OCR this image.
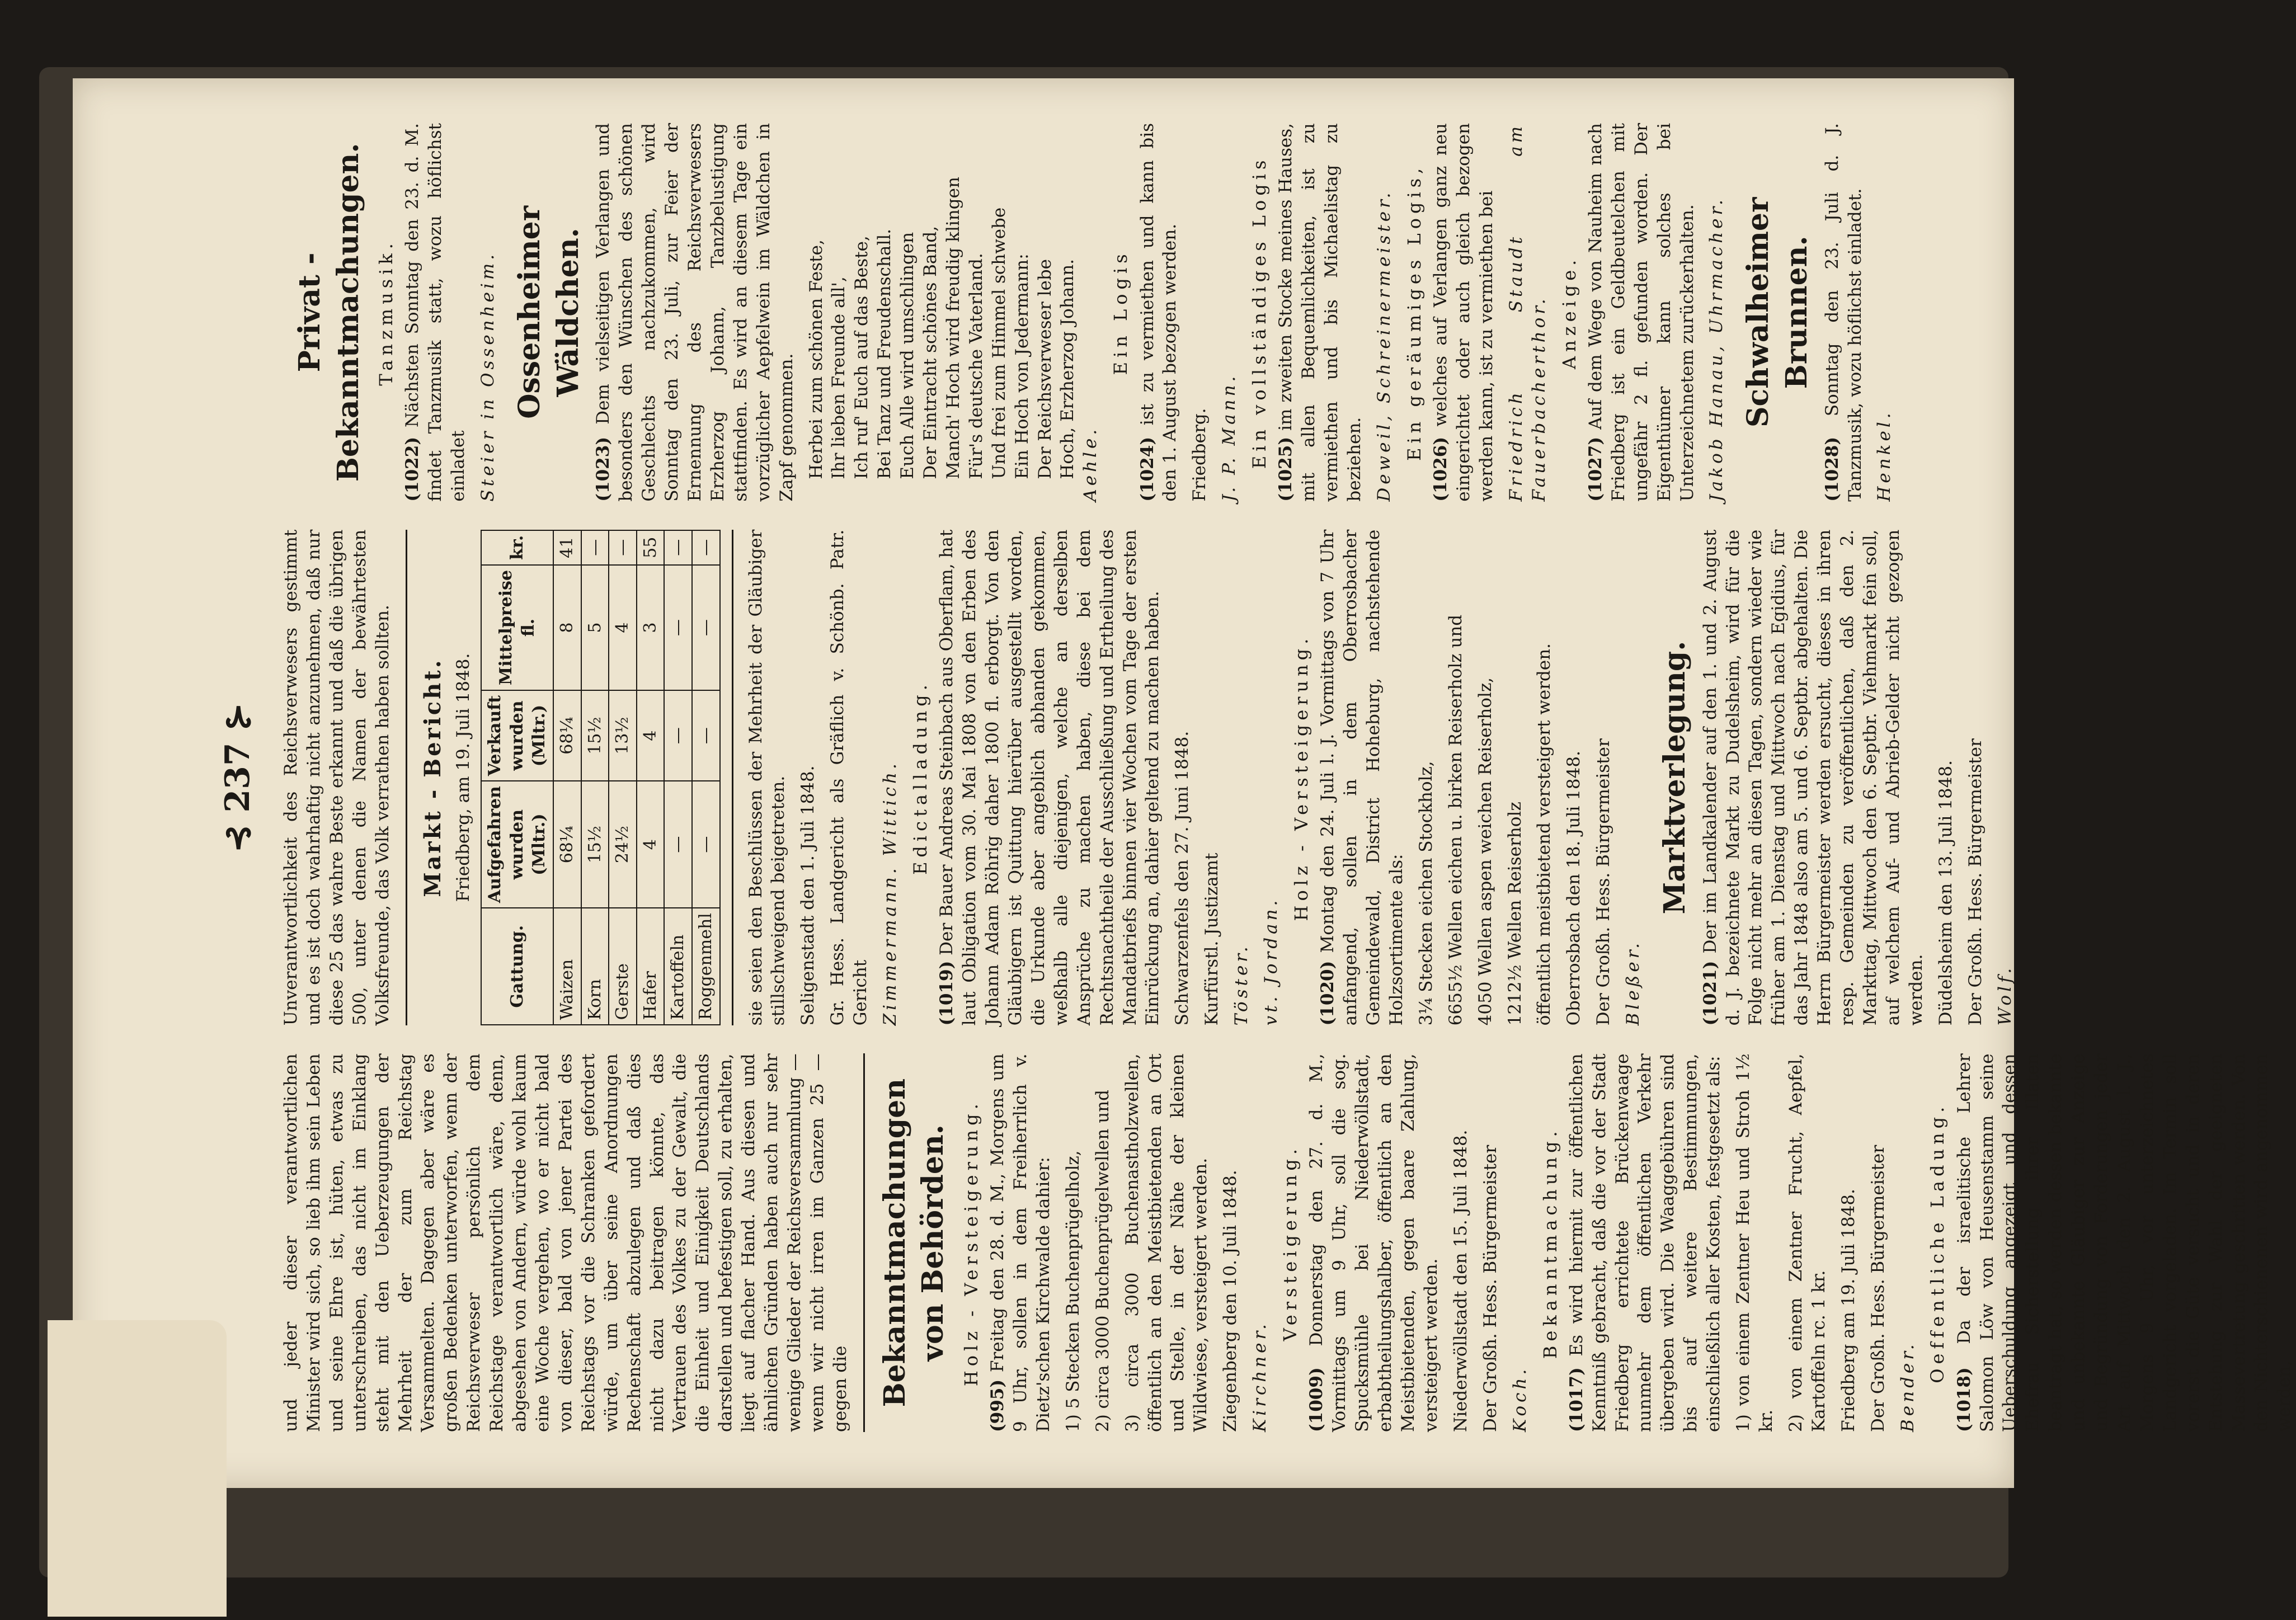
⊰ 237 ⊱

und jeder dieser verantwortlichen Minister wird sich, so lieb ihm sein Leben und seine Ehre ist, hüten, etwas zu unterschreiben, das nicht im Einklang steht mit den Ueberzeugungen der Mehrheit der zum Reichstag Versammelten. Dagegen aber wäre es großen Bedenken unterworfen, wenn der Reichsverweser persönlich dem Reichstage verantwortlich wäre, denn, abgesehen von Andern, würde wohl kaum eine Woche vergehen, wo er nicht bald von dieser, bald von jener Partei des Reichstags vor die Schranken gefordert würde, um über seine Anordnungen Rechenschaft abzulegen und daß dies nicht dazu beitragen könnte, das Vertrauen des Volkes zu der Gewalt, die die Einheit und Einigkeit Deutschlands darstellen und befestigen soll, zu erhalten, liegt auf flacher Hand. Aus diesen und ähnlichen Gründen haben auch nur sehr wenige Glieder der Reichsversammlung — wenn wir nicht irren im Ganzen 25 — gegen die Bekanntmachungen von Behörden. Holz - Versteigerung.

(995) Freitag den 28. d. M., Morgens um 9 Uhr, sollen in dem Freiherrlich v. Dietz'schen Kirchwalde dahier: 1) 5 Stecken Buchenprügelholz, 2) circa 3000 Buchenprügelwellen und 3) circa 3000 Buchenastholzwellen, öffentlich an den Meistbietenden an Ort und Stelle, in der Nähe der kleinen Wildwiese, versteigert werden. Ziegenberg den 10. Juli 1848. Kirchner.

Versteigerung.

(1009) Donnerstag den 27. d. M., Vormittags um 9 Uhr, soll die sog. Spucksmühle bei Niederwöllstadt, erbabtheilungshalber, öffentlich an den Meistbietenden, gegen baare Zahlung, versteigert werden. Niederwöllstadt den 15. Juli 1848. Der Großh. Hess. Bürgermeister Koch.

Bekanntmachung.

(1017) Es wird hiermit zur öffentlichen Kenntniß gebracht, daß die vor der Stadt Friedberg errichtete Brückenwaage nunmehr dem öffentlichen Verkehr übergeben wird. Die Waaggebühren sind bis auf weitere Bestimmungen, einschließlich aller Kosten, festgesetzt als: 1) von einem Zentner Heu und Stroh 1½ kr. 2) von einem Zentner Frucht, Aepfel, Kartoffeln rc. 1 kr. Friedberg am 19. Juli 1848. Der Großh. Hess. Bürgermeister Bender.

Oeffentliche Ladung.

(1018) Da der israelitische Lehrer Salomon Löw von Heusenstamm seine Ueberschuldung angezeigt und dessen Ehefrau Sicherstellung ihrer Illaten beantragt hat, so werden dessen bekannte und unbekannte Gläubiger zur Anzeige und Begründung von Forderungen jeder Art auf Mittwoch den 2. August l. J., Morgens 9 Uhr, vor unterzeichnetes Landgericht vorgeladen. Im Termin soll vorerst die Güte versucht und in deren Entstehung zur Wahl der geeigneten Massevertretung geschritten werden. Von den Nichterschienenen wird angenommen werden,

Unverantwortlichkeit des Reichsverwesers gestimmt und es ist doch wahrhaftig nicht anzunehmen, daß nur diese 25 das wahre Beste erkannt und daß die übrigen 500, unter denen die Namen der bewährtesten Volksfreunde, das Volk verrathen haben sollten. Markt - Bericht. Friedberg, am 19. Juli 1848.
Gattung.	Aufgefahren wurden (Mltr.)	Verkauft wurden (Mltr.)	Mittelpreise fl.	kr.
Waizen	68¼	68¼	8	41
Korn	15½	15½	5	—
Gerste	24½	13½	4	—
Hafer	4	4	3	55
Kartoffeln	—	—	—	—
Roggenmehl	—	—	—	— sie seien den Beschlüssen der Mehrheit der Gläubiger stillschweigend beigetreten. Seligenstadt den 1. Juli 1848. Gr. Hess. Landgericht als Gräflich v. Schönb. Patr. Gericht Zimmermann. Wittich. Edictalladung.

(1019) Der Bauer Andreas Steinbach aus Oberflam, hat laut Obligation vom 30. Mai 1808 von den Erben des Johann Adam Röhrig daher 1800 fl. erborgt. Von den Gläubigern ist Quittung hierüber ausgestellt worden, die Urkunde aber angeblich abhanden gekommen, weßhalb alle diejenigen, welche an derselben Ansprüche zu machen haben, diese bei dem Rechtsnachtheile der Ausschließung und Ertheilung des Mandatbriefs binnen vier Wochen vom Tage der ersten Einrückung an, dahier geltend zu machen haben. Schwarzenfels den 27. Juni 1848. Kurfürstl. Justizamt Töster. vt. Jordan.

Holz - Versteigerung.

(1020) Montag den 24. Juli l. J. Vormittags von 7 Uhr anfangend, sollen in dem Oberrosbacher Gemeindewald, District Hoheburg, nachstehende Holzsortimente als: 3¼ Stecken eichen Stockholz, 6655½ Wellen eichen u. birken Reiserholz und 4050 Wellen aspen weichen Reiserholz, 1212½ Wellen Reiserholz öffentlich meistbietend versteigert werden. Oberrosbach den 18. Juli 1848. Der Großh. Hess. Bürgermeister Bleßer.

Marktverlegung.

(1021) Der im Landkalender auf den 1. und 2. August d. J. bezeichnete Markt zu Dudelsheim, wird für die Folge nicht mehr an diesen Tagen, sondern wieder wie früher am 1. Dienstag und Mittwoch nach Egidius, für das Jahr 1848 also am 5. und 6. Septbr. abgehalten. Die Herrn Bürgermeister werden ersucht, dieses in ihren resp. Gemeinden zu veröffentlichen, daß den 2. Markttag, Mittwoch den 6. Septbr. Viehmarkt fein soll, auf welchem Auf- und Abrieb-Gelder nicht gezogen werden. Düdelsheim den 13. Juli 1848. Der Großh. Hess. Bürgermeister Wolf.

Privat - Bekanntmachungen. Tanzmusik.

(1022) Nächsten Sonntag den 23. d. M. findet Tanzmusik statt, wozu höflichst einladet Steier in Ossenheim. Ossenheimer Wäldchen.

(1023) Dem vielseitigen Verlangen und besonders den Wünschen des schönen Geschlechts nachzukommen, wird Sonntag den 23. Juli, zur Feier der Ernennung des Reichsverwesers Erzherzog Johann, Tanzbelustigung stattfinden. Es wird an diesem Tage ein vorzüglicher Aepfelwein im Wäldchen in Zapf genommen. Herbei zum schönen Feste, Ihr lieben Freunde all', Ich ruf' Euch auf das Beste, Bei Tanz und Freudenschall. Euch Alle wird umschlingen Der Eintracht schönes Band, Manch' Hoch wird freudig klingen Für's deutsche Vaterland. Und frei zum Himmel schwebe Ein Hoch von Jedermann: Der Reichsverweser lebe Hoch, Erzherzog Johann. Aehle.

Ein Logis

(1024) ist zu vermiethen und kann bis den 1. August bezogen werden. Friedberg. J. P. Mann. Ein vollständiges Logis

(1025) im zweiten Stocke meines Hauses, mit allen Bequemlichkeiten, ist zu vermiethen und bis Michaelistag zu beziehen. Deweil, Schreinermeister. Ein geräumiges Logis,

(1026) welches auf Verlangen ganz neu eingerichtet oder auch gleich bezogen werden kann, ist zu vermiethen bei Friedrich Staudt am Fauerbacherthor. Anzeige.

(1027) Auf dem Wege von Nauheim nach Friedberg ist ein Geldbeutelchen mit ungefähr 2 fl. gefunden worden. Der Eigenthümer kann solches bei Unterzeichnetem zurückerhalten. Jakob Hanau, Uhrmacher. Schwalheimer Brunnen.

(1028) Sonntag den 23. Juli d. J. Tanzmusik, wozu höflichst einladet. Henkel.
